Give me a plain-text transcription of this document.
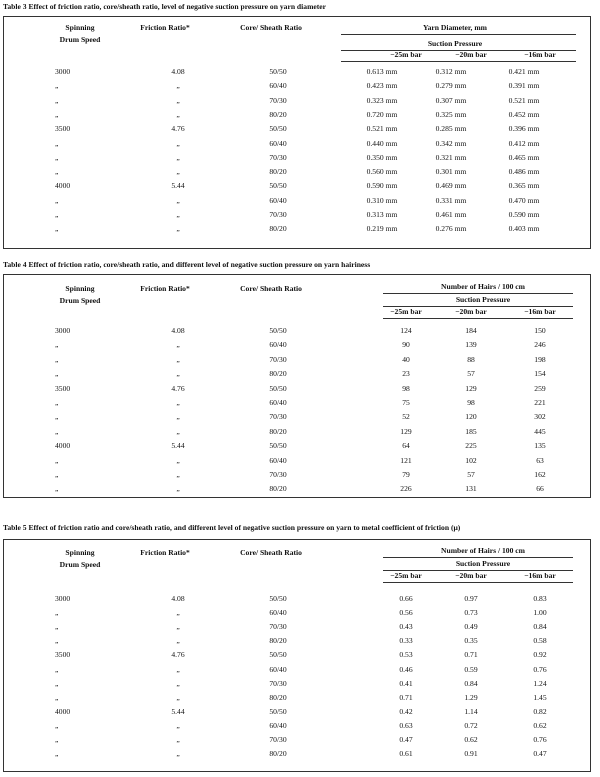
Table 3 Effect of friction ratio, core/sheath ratio, level of negative suction pressure on yarn diameter
Yarn Diameter, mm
Suction Pressure
Spinning
Drum Speed
Friction Ratio*	Core/ Sheath Ratio
−25m bar	−20m bar	−16m bar
3000	4.08	50/50	0.613 mm	0.312 mm	0.421 mm
„	„	60/40	0.423 mm	0.279 mm	0.391 mm
„	„	70/30	0.323 mm	0.307 mm	0.521 mm
„	„	80/20	0.720 mm	0.325 mm	0.452 mm
3500	4.76	50/50	0.521 mm	0.285 mm	0.396 mm
„	„	60/40	0.440 mm	0.342 mm	0.412 mm
„	„	70/30	0.350 mm	0.321 mm	0.465 mm
„	„	80/20	0.560 mm	0.301 mm	0.486 mm
4000	5.44	50/50	0.590 mm	0.469 mm	0.365 mm
„	„	60/40	0.310 mm	0.331 mm	0.470 mm
„	„	70/30	0.313 mm	0.461 mm	0.590 mm
„	„	80/20	0.219 mm	0.276 mm	0.403 mm
Table 4 Effect of friction ratio, core/sheath ratio, and different level of negative suction pressure on yarn hairiness
Number of Hairs / 100 cm
Suction Pressure
Spinning
Drum Speed
Friction Ratio*	Core/ Sheath Ratio
−25m bar	−20m bar	−16m bar
3000	4.08	50/50	124	184	150
„	„	60/40	90	139	246
„	„	70/30	40	88	198
„	„	80/20	23	57	154
3500	4.76	50/50	98	129	259
„	„	60/40	75	98	221
„	„	70/30	52	120	302
„	„	80/20	129	185	445
4000	5.44	50/50	64	225	135
„	„	60/40	121	102	63
„	„	70/30	79	57	162
„	„	80/20	226	131	66
Table 5 Effect of friction ratio and core/sheath ratio, and different level of negative suction pressure on yarn to metal coefficient of friction (μ)
Number of Hairs / 100 cm
Suction Pressure
Spinning
Drum Speed
Friction Ratio*	Core/ Sheath Ratio
−25m bar	−20m bar	−16m bar
3000	4.08	50/50	0.66	0.97	0.83
„	„	60/40	0.56	0.73	1.00
„	„	70/30	0.43	0.49	0.84
„	„	80/20	0.33	0.35	0.58
3500	4.76	50/50	0.53	0.71	0.92
„	„	60/40	0.46	0.59	0.76
„	„	70/30	0.41	0.84	1.24
„	„	80/20	0.71	1.29	1.45
4000	5.44	50/50	0.42	1.14	0.82
„	„	60/40	0.63	0.72	0.62
„	„	70/30	0.47	0.62	0.76
„	„	80/20	0.61	0.91	0.47
